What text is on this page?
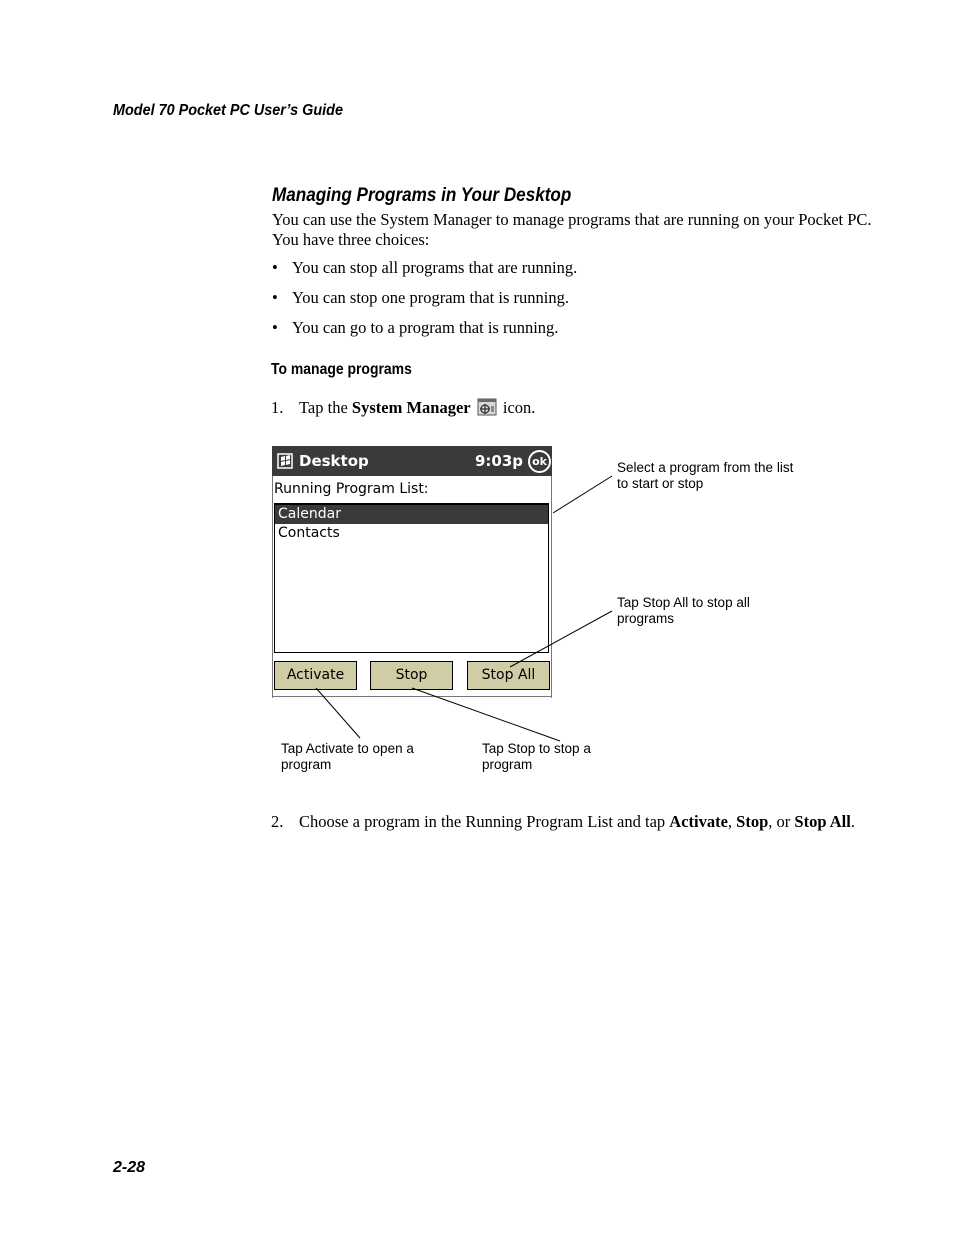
Model 70 Pocket PC User’s Guide
Managing Programs in Your Desktop
You can use the System Manager to manage programs that are running on your Pocket PC. You have three choices:
• You can stop all programs that are running.
• You can stop one program that is running.
• You can go to a program that is running.
To manage programs
1. Tap the System Manager  icon.
Desktop	9:03p ok
Running Program List:
Calendar
Contacts
Activate	Stop	Stop All
Select a program from the list to start or stop
Tap Stop All to stop all programs
Tap Activate to open a program
Tap Stop to stop a program
2. Choose a program in the Running Program List and tap Activate, Stop, or Stop All.
2-28
